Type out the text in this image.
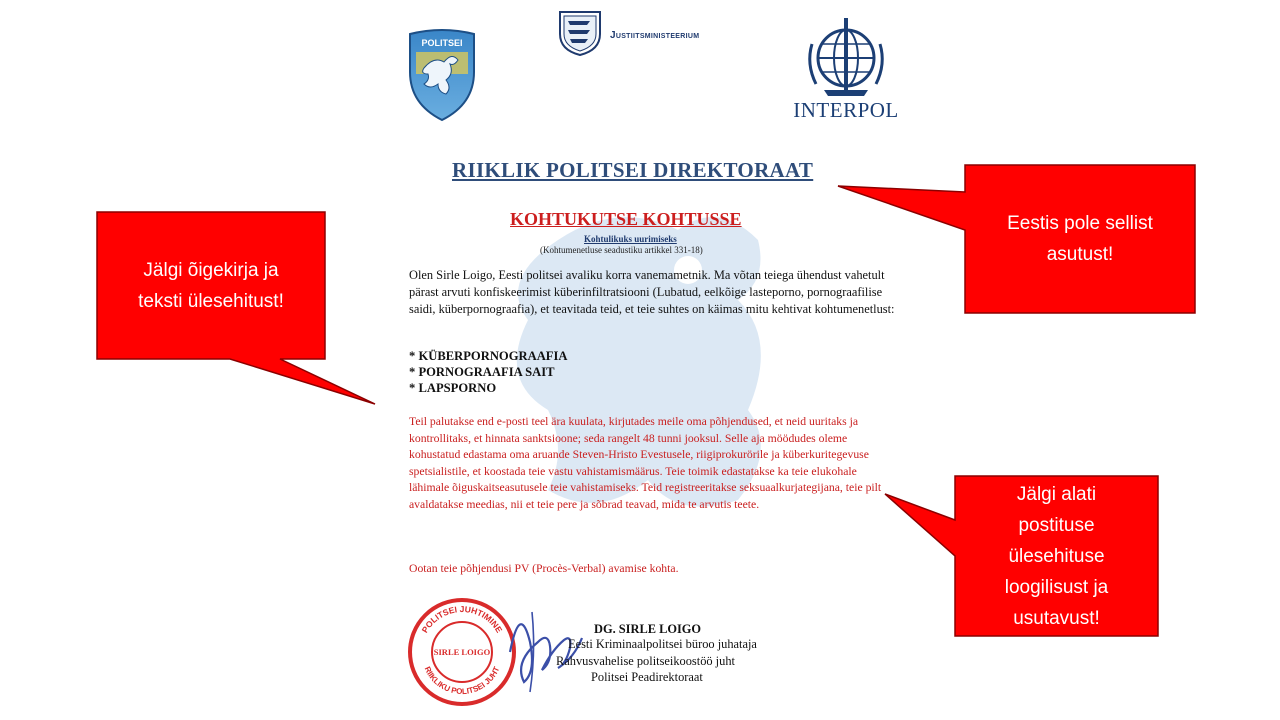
POLITSEI
Justiitsministeerium
INTERPOL
RIIKLIK POLITSEI DIREKTORAAT
KOHTUKUTSE KOHTUSSE
Kohtulikuks uurimiseks
(Kohtumenetluse seadustiku artikkel 331-18)
Olen Sirle Loigo, Eesti politsei avaliku korra vanemametnik. Ma võtan teiega ühendust vahetult pärast arvuti konfiskeerimist küberinfiltratsiooni (Lubatud, eelkõige lasteporno, pornograafilise saidi, küberpornograafia), et teavitada teid, et teie suhtes on käimas mitu kehtivat kohtumenetlust:
* KÜBERPORNOGRAAFIA
* PORNOGRAAFIA SAIT
* LAPSPORNO
Teil palutakse end e-posti teel ära kuulata, kirjutades meile oma põhjendused, et neid uuritaks ja kontrollitaks, et hinnata sanktsioone; seda rangelt 48 tunni jooksul. Selle aja möödudes oleme kohustatud edastama oma aruande Steven-Hristo Evestusele, riigiprokurörile ja küberkuritegevuse spetsialistile, et koostada teie vastu vahistamismäärus. Teie toimik edastatakse ka teie elukohale lähimale õiguskaitseasutusele teie vahistamiseks. Teid registreeritakse seksuaalkurjategijana, teie pilt avaldatakse meedias, nii et teie pere ja sõbrad teavad, mida te arvutis teete.
Ootan teie põhjendusi PV (Procès-Verbal) avamise kohta.
POLITSEI JUHTIMINE
RIIKLIKU POLITSEI JUHT
SIRLE LOIGO
DG. SIRLE LOIGO
Eesti Kriminaalpolitsei büroo juhataja
Rahvusvahelise politseikoostöö juht
Politsei Peadirektoraat
Jälgi õigekirja ja teksti ülesehitust!
Eestis pole sellist asutust!
Jälgi alati postituse ülesehituse loogilisust ja usutavust!
